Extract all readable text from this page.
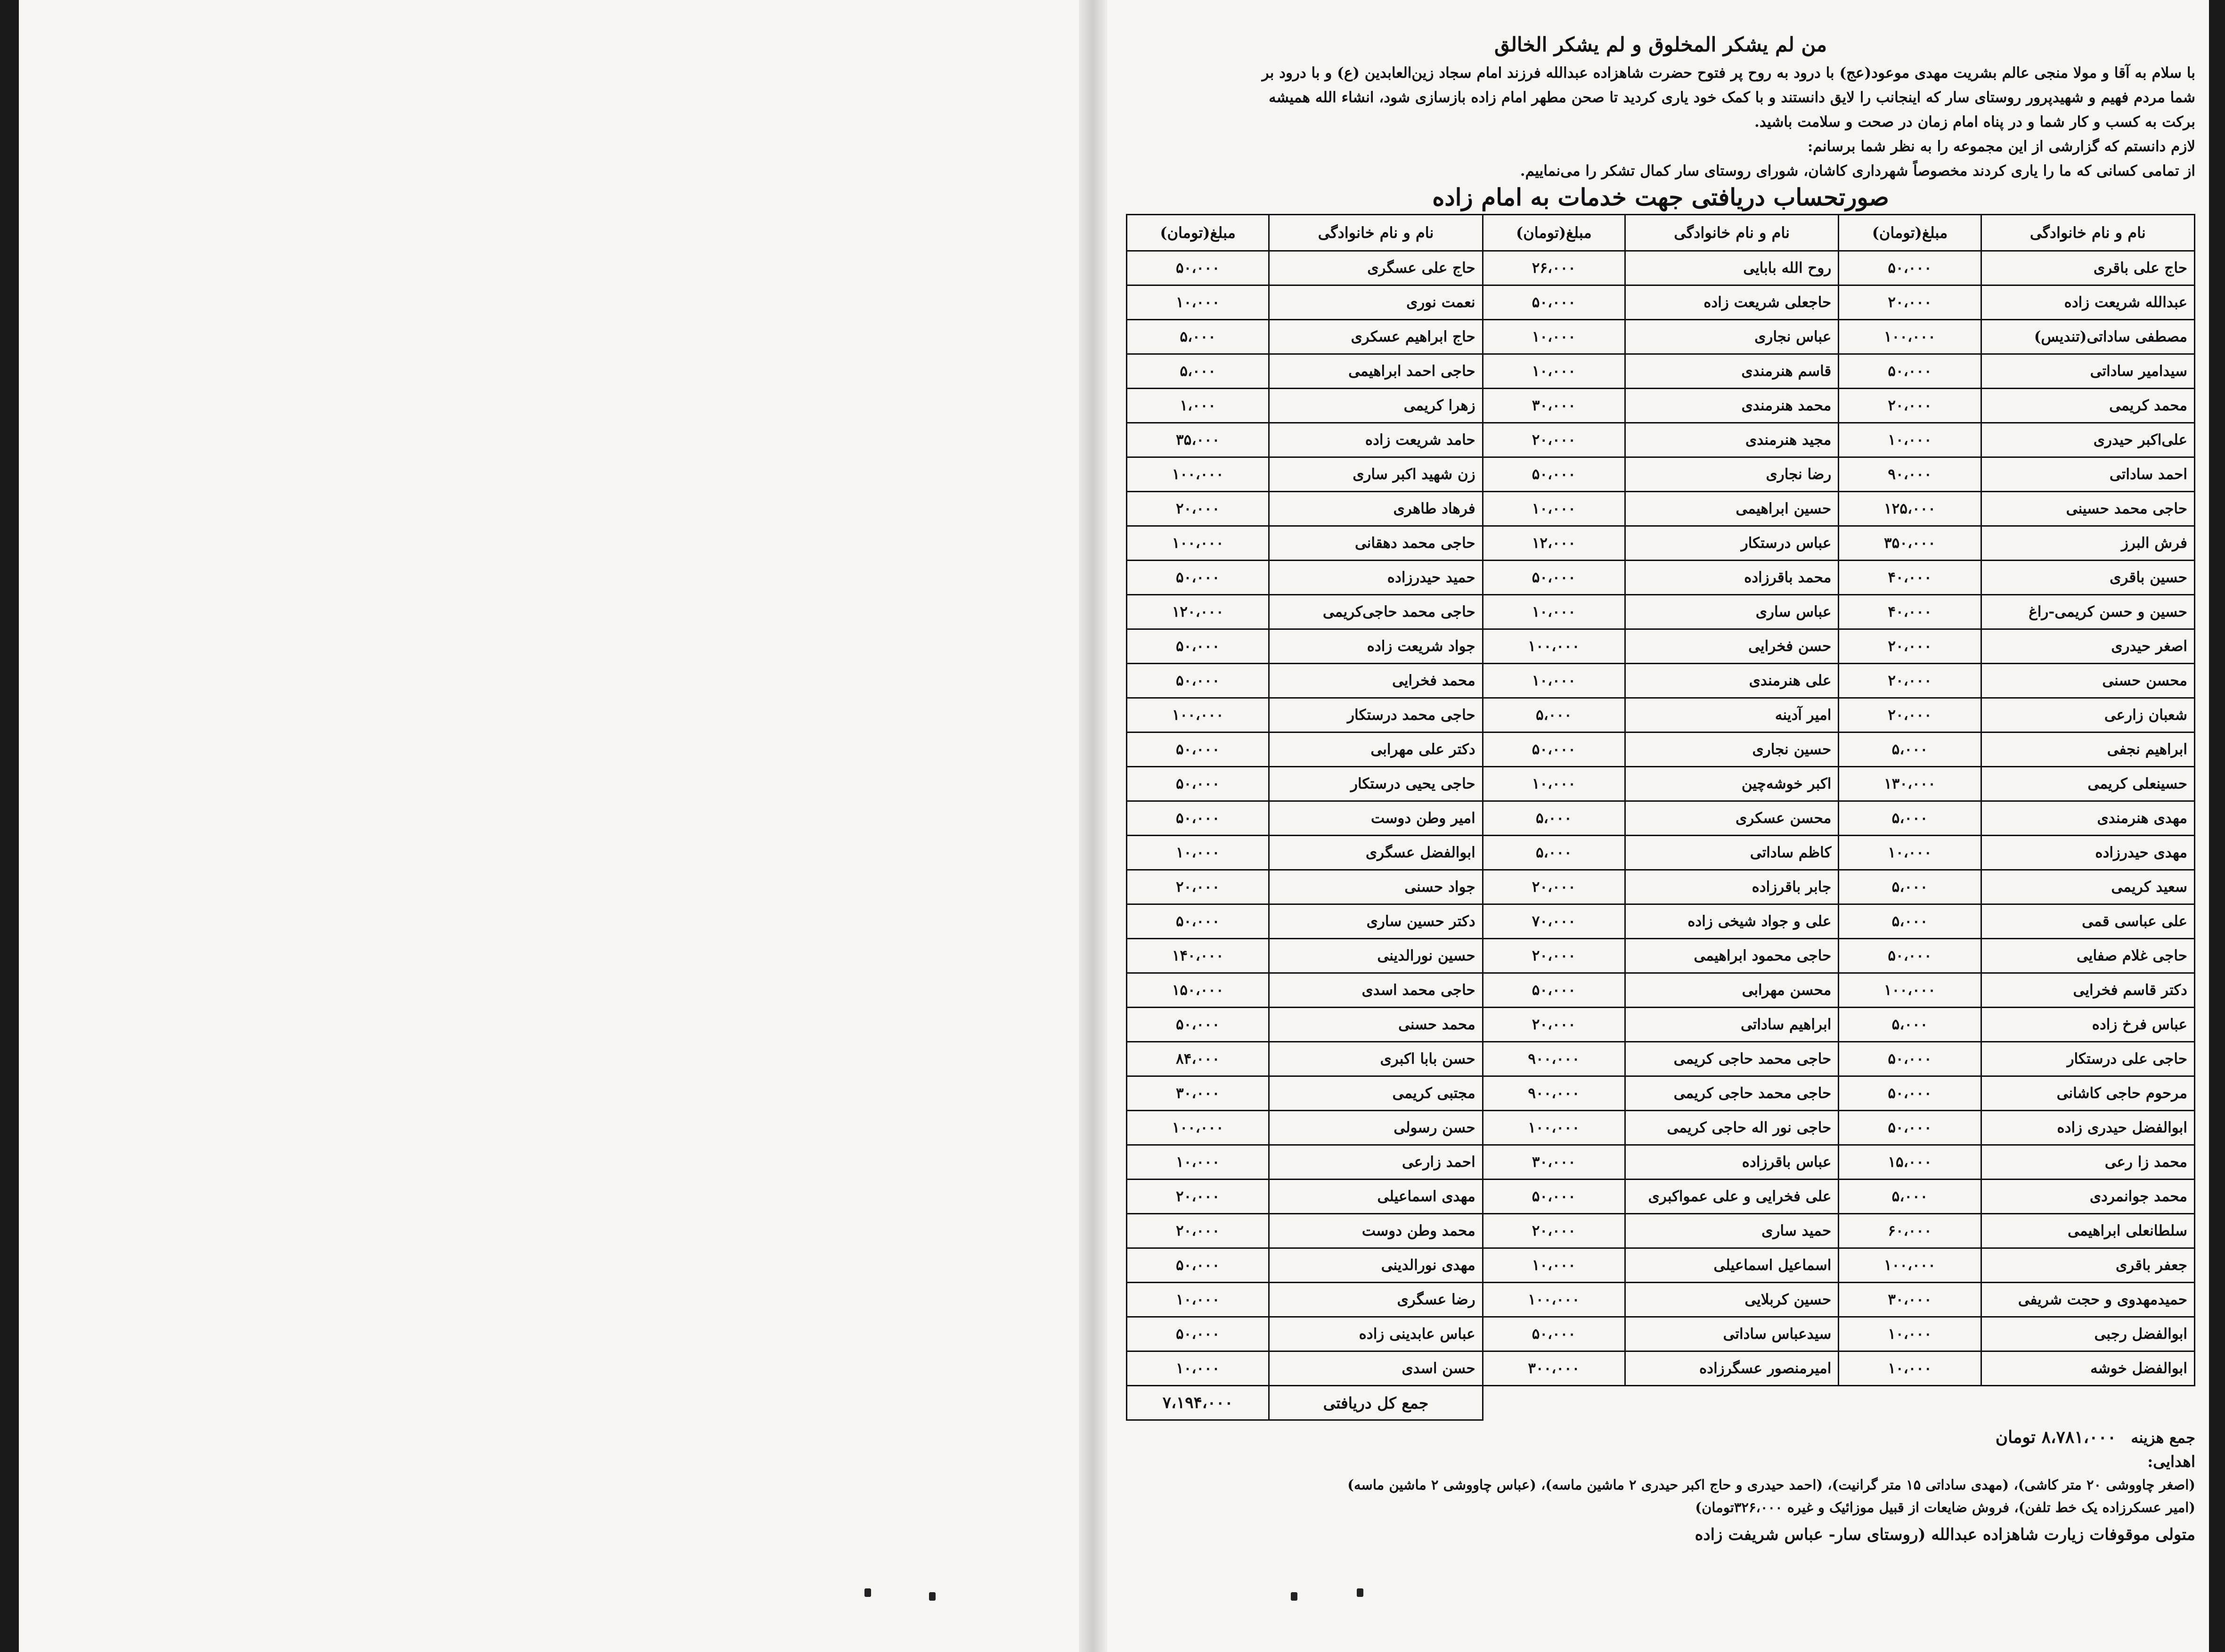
من لم يشكر المخلوق و لم يشكر الخالق

با سلام به آقا و مولا منجی عالم بشریت مهدی موعود(عج) با درود به روح پر فتوح حضرت شاهزاده عبدالله فرزند امام سجاد زین‌العابدین (ع) و با درود بر

شما مردم فهیم و شهیدپرور روستای سار که اینجانب را لایق دانستند و با کمک خود یاری کردید تا صحن مطهر امام زاده بازسازی شود، انشاء الله همیشه

برکت به کسب و کار شما و در پناه امام زمان در صحت و سلامت باشید.

لازم دانستم که گزارشی از این مجموعه را به نظر شما برسانم:

از تمامی کسانی که ما را یاری کردند مخصوصاً شهرداری کاشان، شورای روستای سار کمال تشکر را می‌نماییم.

صورتحساب دریافتی جهت خدمات به امام زاده
نام و نام خانوادگی	مبلغ(تومان)	نام و نام خانوادگی	مبلغ(تومان)	نام و نام خانوادگی	مبلغ(تومان)
حاج علی باقری	۵۰،۰۰۰	روح الله بابایی	۲۶،۰۰۰	حاج علی عسگری	۵۰،۰۰۰
عبدالله شریعت زاده	۲۰،۰۰۰	حاجعلی شریعت زاده	۵۰،۰۰۰	نعمت نوری	۱۰،۰۰۰
مصطفی ساداتی(تندیس)	۱۰۰،۰۰۰	عباس نجاری	۱۰،۰۰۰	حاج ابراهیم عسکری	۵،۰۰۰
سیدامیر ساداتی	۵۰،۰۰۰	قاسم هنرمندی	۱۰،۰۰۰	حاجی احمد ابراهیمی	۵،۰۰۰
محمد کریمی	۲۰،۰۰۰	محمد هنرمندی	۳۰،۰۰۰	زهرا کریمی	۱،۰۰۰
علی‌اکبر حیدری	۱۰،۰۰۰	مجید هنرمندی	۲۰،۰۰۰	حامد شریعت زاده	۳۵،۰۰۰
احمد ساداتی	۹۰،۰۰۰	رضا نجاری	۵۰،۰۰۰	زن شهید اکبر ساری	۱۰۰،۰۰۰
حاجی محمد حسینی	۱۲۵،۰۰۰	حسین ابراهیمی	۱۰،۰۰۰	فرهاد طاهری	۲۰،۰۰۰
فرش البرز	۳۵۰،۰۰۰	عباس درستکار	۱۲،۰۰۰	حاجی محمد دهقانی	۱۰۰،۰۰۰
حسین باقری	۴۰،۰۰۰	محمد باقرزاده	۵۰،۰۰۰	حمید حیدرزاده	۵۰،۰۰۰
حسین و حسن کریمی-راغ	۴۰،۰۰۰	عباس ساری	۱۰،۰۰۰	حاجی محمد حاجی‌کریمی	۱۲۰،۰۰۰
اصغر حیدری	۲۰،۰۰۰	حسن فخرایی	۱۰۰،۰۰۰	جواد شریعت زاده	۵۰،۰۰۰
محسن حسنی	۲۰،۰۰۰	علی هنرمندی	۱۰،۰۰۰	محمد فخرایی	۵۰،۰۰۰
شعبان زارعی	۲۰،۰۰۰	امیر آدینه	۵،۰۰۰	حاجی محمد درستکار	۱۰۰،۰۰۰
ابراهیم نجفی	۵،۰۰۰	حسین نجاری	۵۰،۰۰۰	دکتر علی مهرابی	۵۰،۰۰۰
حسینعلی کریمی	۱۳۰،۰۰۰	اکبر خوشه‌چین	۱۰،۰۰۰	حاجی یحیی درستکار	۵۰،۰۰۰
مهدی هنرمندی	۵،۰۰۰	محسن عسکری	۵،۰۰۰	امیر وطن دوست	۵۰،۰۰۰
مهدی حیدرزاده	۱۰،۰۰۰	کاظم ساداتی	۵،۰۰۰	ابوالفضل عسگری	۱۰،۰۰۰
سعید کریمی	۵،۰۰۰	جابر باقرزاده	۲۰،۰۰۰	جواد حسنی	۲۰،۰۰۰
علی عباسی قمی	۵،۰۰۰	علی و جواد شیخی زاده	۷۰،۰۰۰	دکتر حسین ساری	۵۰،۰۰۰
حاجی غلام صفایی	۵۰،۰۰۰	حاجی محمود ابراهیمی	۲۰،۰۰۰	حسین نورالدینی	۱۴۰،۰۰۰
دکتر قاسم فخرایی	۱۰۰،۰۰۰	محسن مهرابی	۵۰،۰۰۰	حاجی محمد اسدی	۱۵۰،۰۰۰
عباس فرخ زاده	۵،۰۰۰	ابراهیم ساداتی	۲۰،۰۰۰	محمد حسنی	۵۰،۰۰۰
حاجی علی درستکار	۵۰،۰۰۰	حاجی محمد حاجی کریمی	۹۰۰،۰۰۰	حسن بابا اکبری	۸۴،۰۰۰
مرحوم حاجی کاشانی	۵۰،۰۰۰	حاجی محمد حاجی کریمی	۹۰۰،۰۰۰	مجتبی کریمی	۳۰،۰۰۰
ابوالفضل حیدری زاده	۵۰،۰۰۰	حاجی نور اله حاجی کریمی	۱۰۰،۰۰۰	حسن رسولی	۱۰۰،۰۰۰
محمد زا رعی	۱۵،۰۰۰	عباس باقرزاده	۳۰،۰۰۰	احمد زارعی	۱۰،۰۰۰
محمد جوانمردی	۵،۰۰۰	علی فخرایی و علی عمواکبری	۵۰،۰۰۰	مهدی اسماعیلی	۲۰،۰۰۰
سلطانعلی ابراهیمی	۶۰،۰۰۰	حمید ساری	۲۰،۰۰۰	محمد وطن دوست	۲۰،۰۰۰
جعفر باقری	۱۰۰،۰۰۰	اسماعیل اسماعیلی	۱۰،۰۰۰	مهدی نورالدینی	۵۰،۰۰۰
حمیدمهدوی و حجت شریفی	۳۰،۰۰۰	حسین کربلایی	۱۰۰،۰۰۰	رضا عسگری	۱۰،۰۰۰
ابوالفضل رجبی	۱۰،۰۰۰	سیدعباس ساداتی	۵۰،۰۰۰	عباس عابدینی زاده	۵۰،۰۰۰
ابوالفضل خوشه	۱۰،۰۰۰	امیرمنصور عسگرزاده	۳۰۰،۰۰۰	حسن اسدی	۱۰،۰۰۰
				جمع کل دریافتی	۷،۱۹۴،۰۰۰
جمع هزینه ۸،۷۸۱،۰۰۰ تومان
اهدایی:
(اصغر چاووشی ۲۰ متر کاشی)، (مهدی ساداتی ۱۵ متر گرانیت)، (احمد حیدری و حاج اکبر حیدری ۲ ماشین ماسه)، (عباس چاووشی ۲ ماشین ماسه)
(امیر عسکرزاده یک خط تلفن)، فروش ضایعات از قبیل موزائیک و غیره ۳۲۶،۰۰۰تومان)
متولی موقوفات زیارت شاهزاده عبدالله (روستای سار- عباس شریفت زاده
